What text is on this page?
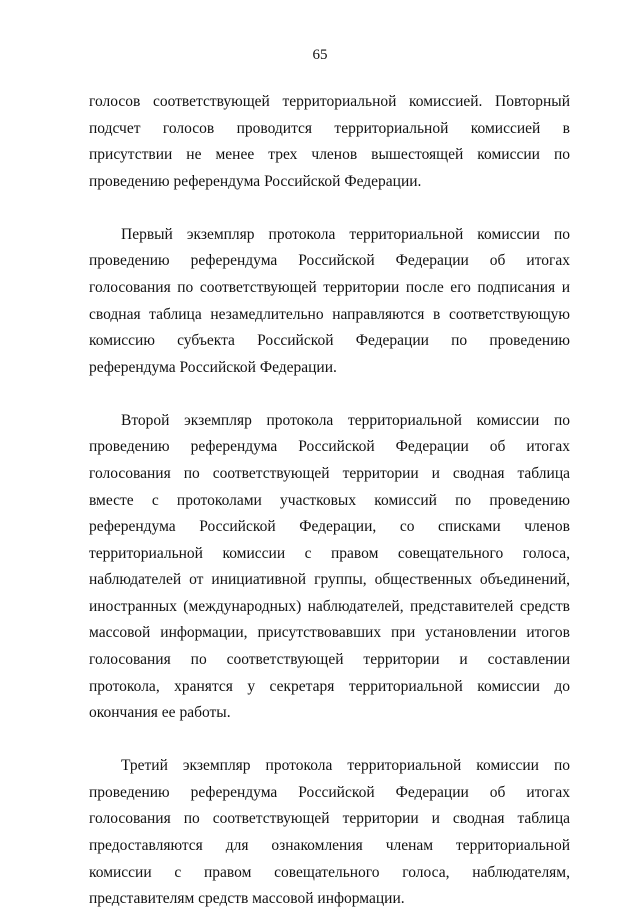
65

голосов соответствующей территориальной комиссией. Повторный
подсчет голосов проводится территориальной комиссией в
присутствии не менее трех членов вышестоящей комиссии по
проведению референдума Российской Федерации.

Первый экземпляр протокола территориальной комиссии по
проведению референдума Российской Федерации об итогах
голосования по соответствующей территории после его подписания и
сводная таблица незамедлительно направляются в соответствующую
комиссию субъекта Российской Федерации по проведению
референдума Российской Федерации.

Второй экземпляр протокола территориальной комиссии по
проведению референдума Российской Федерации об итогах
голосования по соответствующей территории и сводная таблица
вместе с протоколами участковых комиссий по проведению
референдума Российской Федерации, со списками членов
территориальной комиссии с правом совещательного голоса,
наблюдателей от инициативной группы, общественных объединений,
иностранных (международных) наблюдателей, представителей средств
массовой информации, присутствовавших при установлении итогов
голосования по соответствующей территории и составлении
протокола, хранятся у секретаря территориальной комиссии до
окончания ее работы.

Третий экземпляр протокола территориальной комиссии по
проведению референдума Российской Федерации об итогах
голосования по соответствующей территории и сводная таблица
предоставляются для ознакомления членам территориальной
комиссии с правом совещательного голоса, наблюдателям,
представителям средств массовой информации.
